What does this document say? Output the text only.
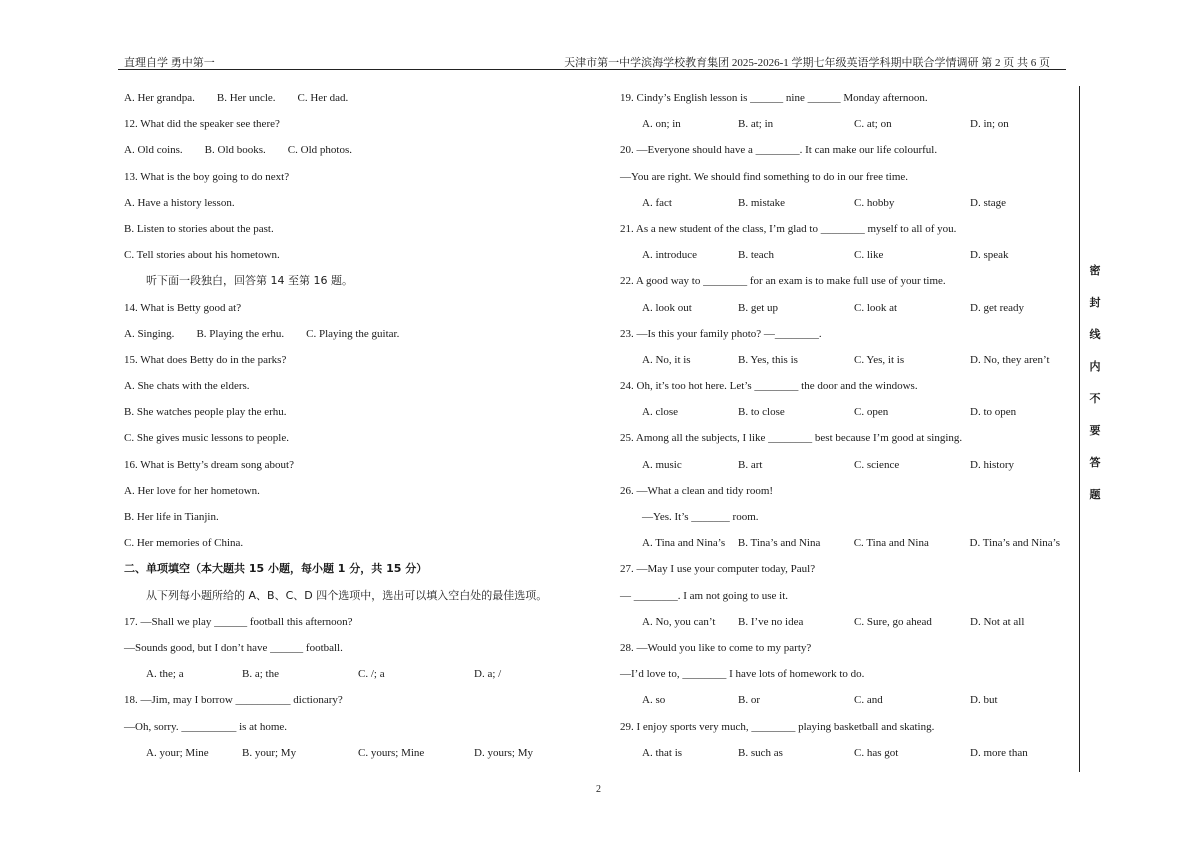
直理自学 勇中第一	天津市第一中学滨海学校教育集团 2025-2026-1 学期七年级英语学科期中联合学情调研 第 2 页 共 6 页
A. Her grandpa. B. Her uncle. C. Her dad.
12. What did the speaker see there?
A. Old coins. B. Old books. C. Old photos.
13. What is the boy going to do next?
A. Have a history lesson.
B. Listen to stories about the past.
C. Tell stories about his hometown.
听下面一段独白，回答第 14 至第 16 题。
14. What is Betty good at?
A. Singing. B. Playing the erhu. C. Playing the guitar.
15. What does Betty do in the parks?
A. She chats with the elders.
B. She watches people play the erhu.
C. She gives music lessons to people.
16. What is Betty’s dream song about?
A. Her love for her hometown.
B. Her life in Tianjin.
C. Her memories of China.
二、单项填空（本大题共 15 小题，每小题 1 分，共 15 分）
从下列每小题所给的 A、B、C、D 四个选项中，选出可以填入空白处的最佳选项。
17. —Shall we play ______ football this afternoon?
—Sounds good, but I don’t have ______ football.
A. the; a	B. a; the	C. /; a	D. a; /
18. —Jim, may I borrow __________ dictionary?
—Oh, sorry. __________ is at home.
A. your; Mine	B. your; My	C. yours; Mine	D. yours; My
19. Cindy’s English lesson is ______ nine ______ Monday afternoon.
A. on; in	B. at; in	C. at; on	D. in; on
20. —Everyone should have a ________. It can make our life colourful.
—You are right. We should find something to do in our free time.
A. fact	B. mistake	C. hobby	D. stage
21. As a new student of the class, I’m glad to ________ myself to all of you.
A. introduce	B. teach	C. like	D. speak
22. A good way to ________ for an exam is to make full use of your time.
A. look out	B. get up	C. look at	D. get ready
23. —Is this your family photo? —________.
A. No, it is	B. Yes, this is	C. Yes, it is	D. No, they aren’t
24. Oh, it’s too hot here. Let’s ________ the door and the windows.
A. close	B. to close	C. open	D. to open
25. Among all the subjects, I like ________ best because I’m good at singing.
A. music	B. art	C. science	D. history
26. —What a clean and tidy room!
—Yes. It’s _______ room.
A. Tina and Nina’s	B. Tina’s and Nina	C. Tina and Nina	D. Tina’s and Nina’s
27. —May I use your computer today, Paul?
— ________. I am not going to use it.
A. No, you can’t	B. I’ve no idea	C. Sure, go ahead	D. Not at all
28. —Would you like to come to my party?
—I’d love to, ________ I have lots of homework to do.
A. so	B. or	C. and	D. but
29. I enjoy sports very much, ________ playing basketball and skating.
A. that is	B. such as	C. has got	D. more than
密
封
线
内
不
要
答
题
2
